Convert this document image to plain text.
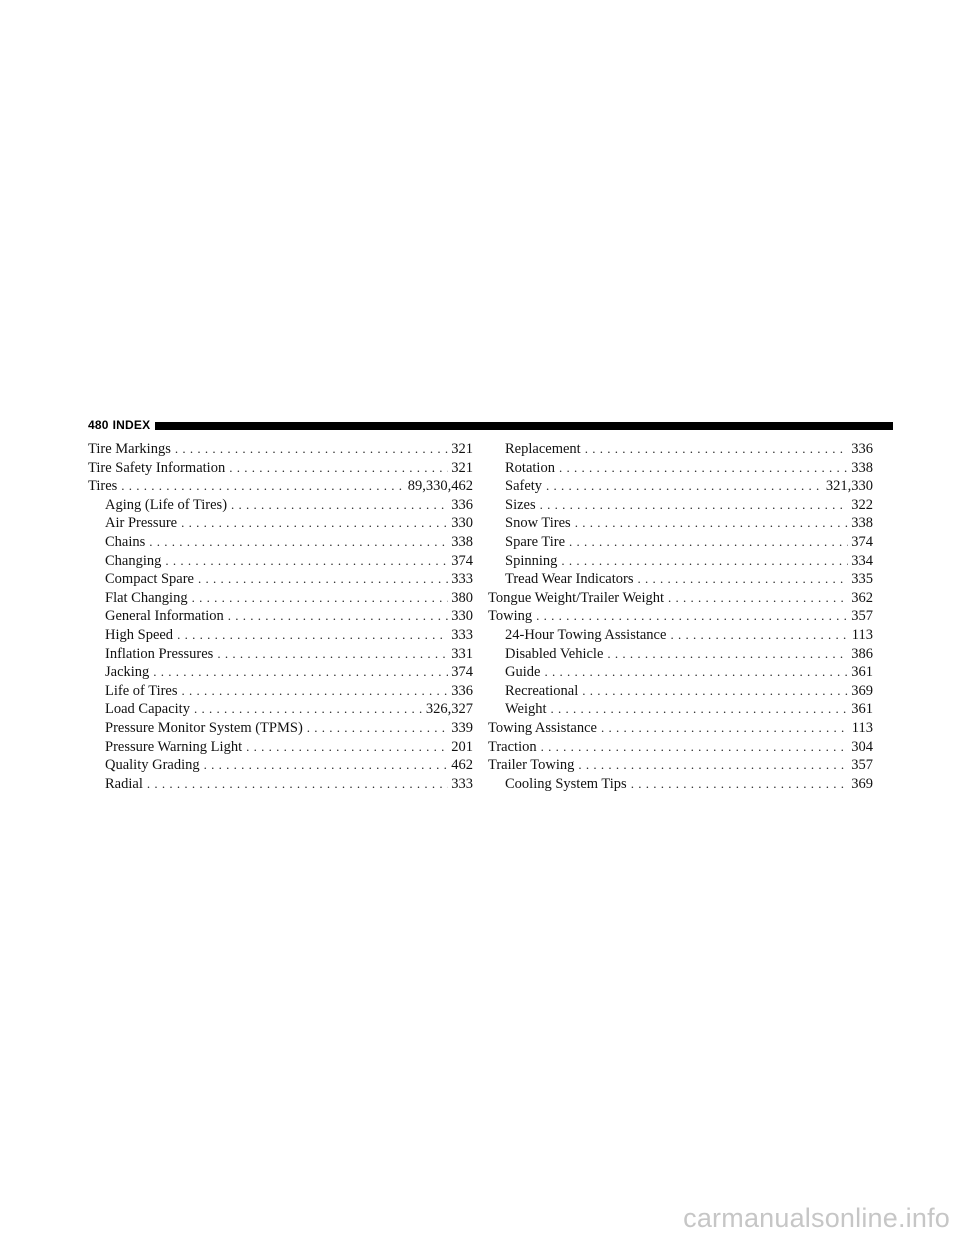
480 INDEX
Tire Markings . . .	321
Tire Safety Information . . .	321
Tires . . .	89,330,462
Aging (Life of Tires) . . .	336
Air Pressure . . .	330
Chains . . .	338
Changing . . .	374
Compact Spare . . .	333
Flat Changing . . .	380
General Information . . .	330
High Speed . . .	333
Inflation Pressures . . .	331
Jacking . . .	374
Life of Tires . . .	336
Load Capacity . . .	326,327
Pressure Monitor System (TPMS) . . .	339
Pressure Warning Light . . .	201
Quality Grading . . .	462
Radial . . .	333
Replacement . . .	336
Rotation . . .	338
Safety . . .	321,330
Sizes . . .	322
Snow Tires . . .	338
Spare Tire . . .	374
Spinning . . .	334
Tread Wear Indicators . . .	335
Tongue Weight/Trailer Weight . . .	362
Towing . . .	357
24-Hour Towing Assistance . . .	113
Disabled Vehicle . . .	386
Guide . . .	361
Recreational . . .	369
Weight . . .	361
Towing Assistance . . .	113
Traction . . .	304
Trailer Towing . . .	357
Cooling System Tips . . .	369
carmanualsonline.info
